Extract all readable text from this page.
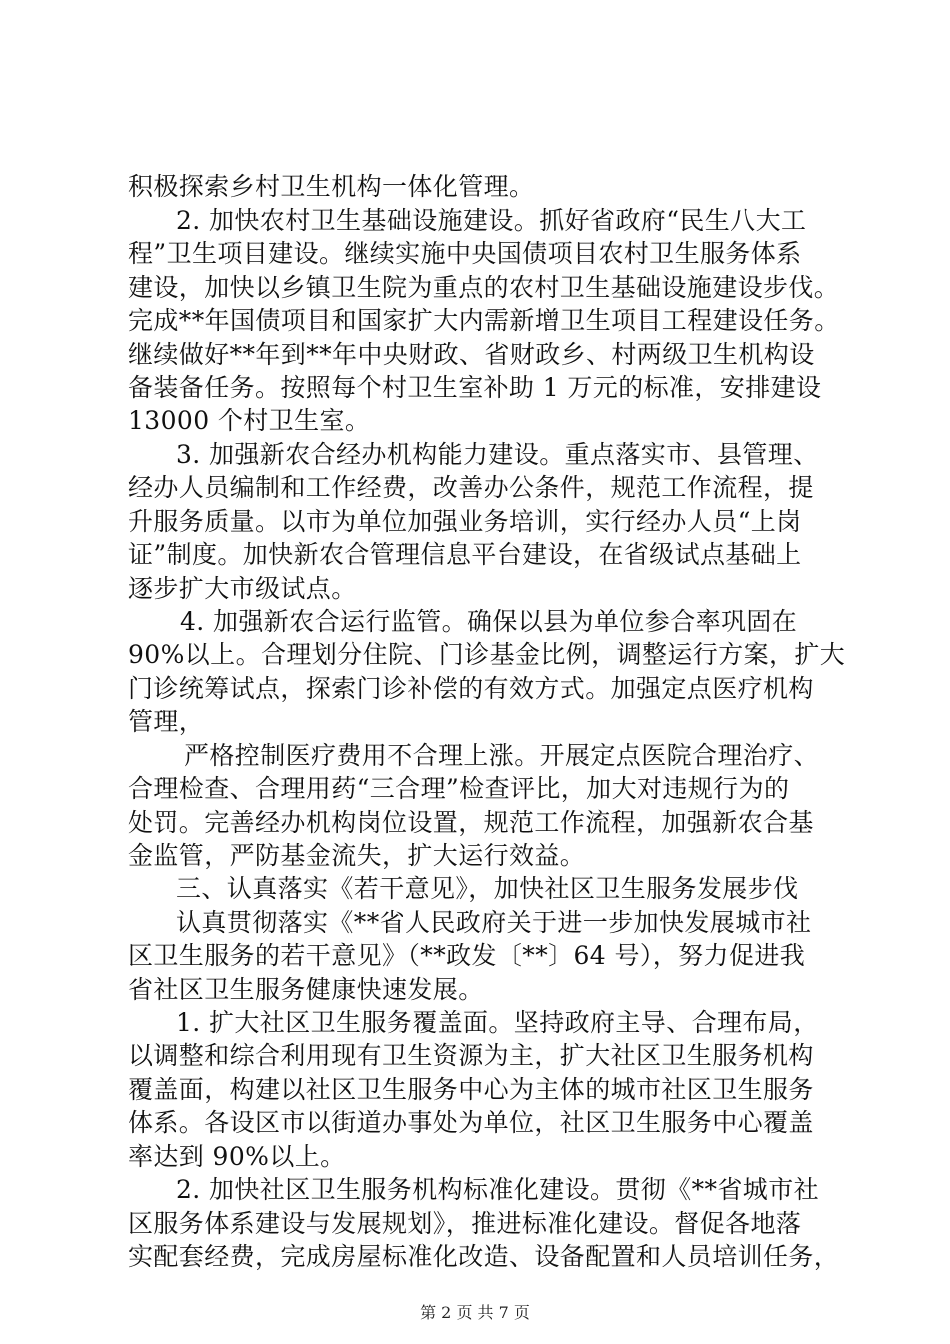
积极探索乡村卫生机构一体化管理。
2. 加快农村卫生基础设施建设。抓好省政府“民生八大工
程”卫生项目建设。继续实施中央国债项目农村卫生服务体系
建设，加快以乡镇卫生院为重点的农村卫生基础设施建设步伐。
完成**年国债项目和国家扩大内需新增卫生项目工程建设任务。
继续做好**年到**年中央财政、省财政乡、村两级卫生机构设
备装备任务。按照每个村卫生室补助 1 万元的标准，安排建设
13000 个村卫生室。
3. 加强新农合经办机构能力建设。重点落实市、县管理、
经办人员编制和工作经费，改善办公条件，规范工作流程，提
升服务质量。以市为单位加强业务培训，实行经办人员“上岗
证”制度。加快新农合管理信息平台建设，在省级试点基础上
逐步扩大市级试点。
4. 加强新农合运行监管。确保以县为单位参合率巩固在
90%以上。合理划分住院、门诊基金比例，调整运行方案，扩大
门诊统筹试点，探索门诊补偿的有效方式。加强定点医疗机构
管理，
严格控制医疗费用不合理上涨。开展定点医院合理治疗、
合理检查、合理用药“三合理”检查评比，加大对违规行为的
处罚。完善经办机构岗位设置，规范工作流程，加强新农合基
金监管，严防基金流失，扩大运行效益。
三、认真落实《若干意见》，加快社区卫生服务发展步伐
认真贯彻落实《**省人民政府关于进一步加快发展城市社
区卫生服务的若干意见》（**政发〔**〕64 号），努力促进我
省社区卫生服务健康快速发展。
1. 扩大社区卫生服务覆盖面。坚持政府主导、合理布局，
以调整和综合利用现有卫生资源为主，扩大社区卫生服务机构
覆盖面，构建以社区卫生服务中心为主体的城市社区卫生服务
体系。各设区市以街道办事处为单位，社区卫生服务中心覆盖
率达到 90%以上。
2. 加快社区卫生服务机构标准化建设。贯彻《**省城市社
区服务体系建设与发展规划》，推进标准化建设。督促各地落
实配套经费，完成房屋标准化改造、设备配置和人员培训任务，
第 2 页 共 7 页
